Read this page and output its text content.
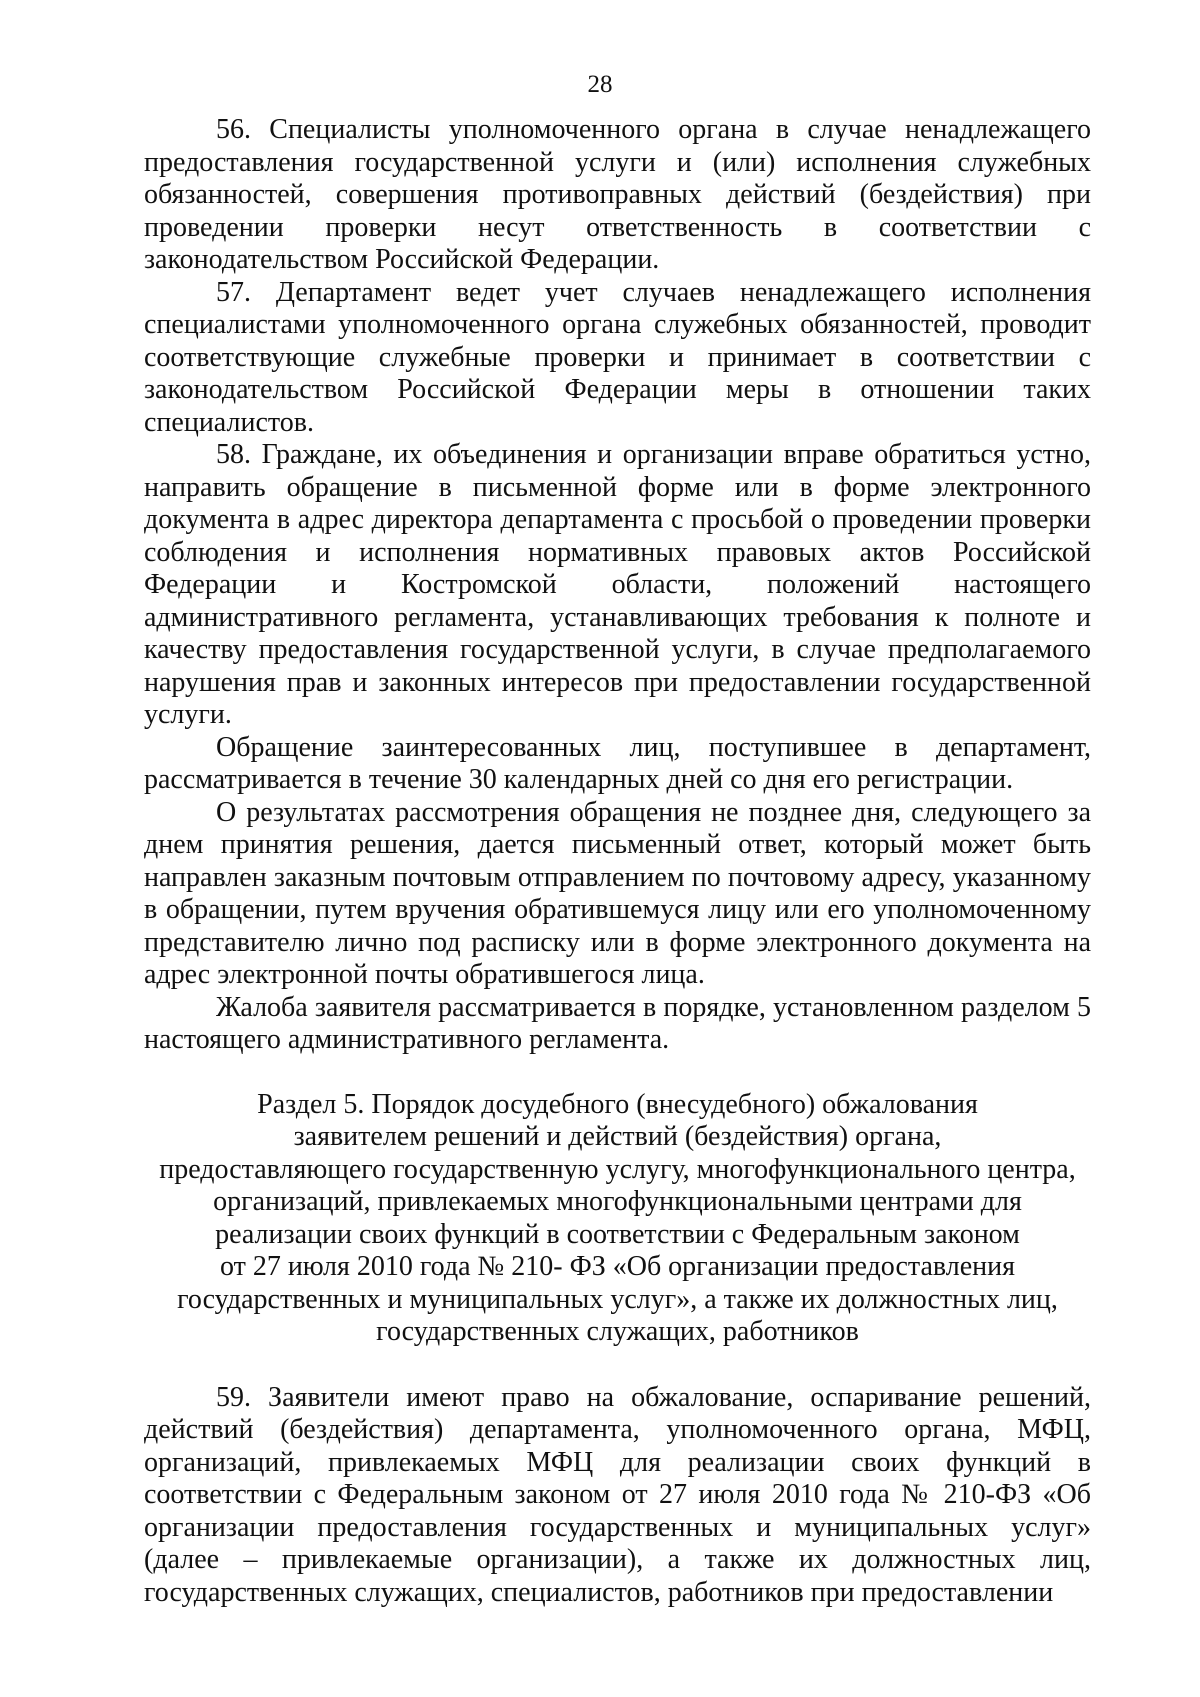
28

56. Специалисты уполномоченного органа в случае ненадлежащего предоставления государственной услуги и (или) исполнения служебных обязанностей, совершения противоправных действий (бездействия) при проведении проверки несут ответственность в соответствии с законодательством Российской Федерации.

57. Департамент ведет учет случаев ненадлежащего исполнения специалистами уполномоченного органа служебных обязанностей, проводит соответствующие служебные проверки и принимает в соответствии с законодательством Российской Федерации меры в отношении таких специалистов.

58. Граждане, их объединения и организации вправе обратиться устно, направить обращение в письменной форме или в форме электронного документа в адрес директора департамента с просьбой о проведении проверки соблюдения и исполнения нормативных правовых актов Российской Федерации и Костромской области, положений настоящего административного регламента, устанавливающих требования к полноте и качеству предоставления государственной услуги, в случае предполагаемого нарушения прав и законных интересов при предоставлении государственной услуги.

Обращение заинтересованных лиц, поступившее в департамент, рассматривается в течение 30 календарных дней со дня его регистрации.

О результатах рассмотрения обращения не позднее дня, следующего за днем принятия решения, дается письменный ответ, который может быть направлен заказным почтовым отправлением по почтовому адресу, указанному в обращении, путем вручения обратившемуся лицу или его уполномоченному представителю лично под расписку или в форме электронного документа на адрес электронной почты обратившегося лица.

Жалоба заявителя рассматривается в порядке, установленном разделом 5 настоящего административного регламента.

Раздел 5. Порядок досудебного (внесудебного) обжалования
заявителем решений и действий (бездействия) органа,
предоставляющего государственную услугу, многофункционального центра,
организаций, привлекаемых многофункциональными центрами для
реализации своих функций в соответствии с Федеральным законом
от 27 июля 2010 года № 210- ФЗ «Об организации предоставления
государственных и муниципальных услуг», а также их должностных лиц,
государственных служащих, работников

59. Заявители имеют право на обжалование, оспаривание решений, действий (бездействия) департамента, уполномоченного органа, МФЦ, организаций, привлекаемых МФЦ для реализации своих функций в соответствии с Федеральным законом от 27 июля 2010 года № 210-ФЗ «Об организации предоставления государственных и муниципальных услуг» (далее – привлекаемые организации), а также их должностных лиц, государственных служащих, специалистов, работников при предоставлении
